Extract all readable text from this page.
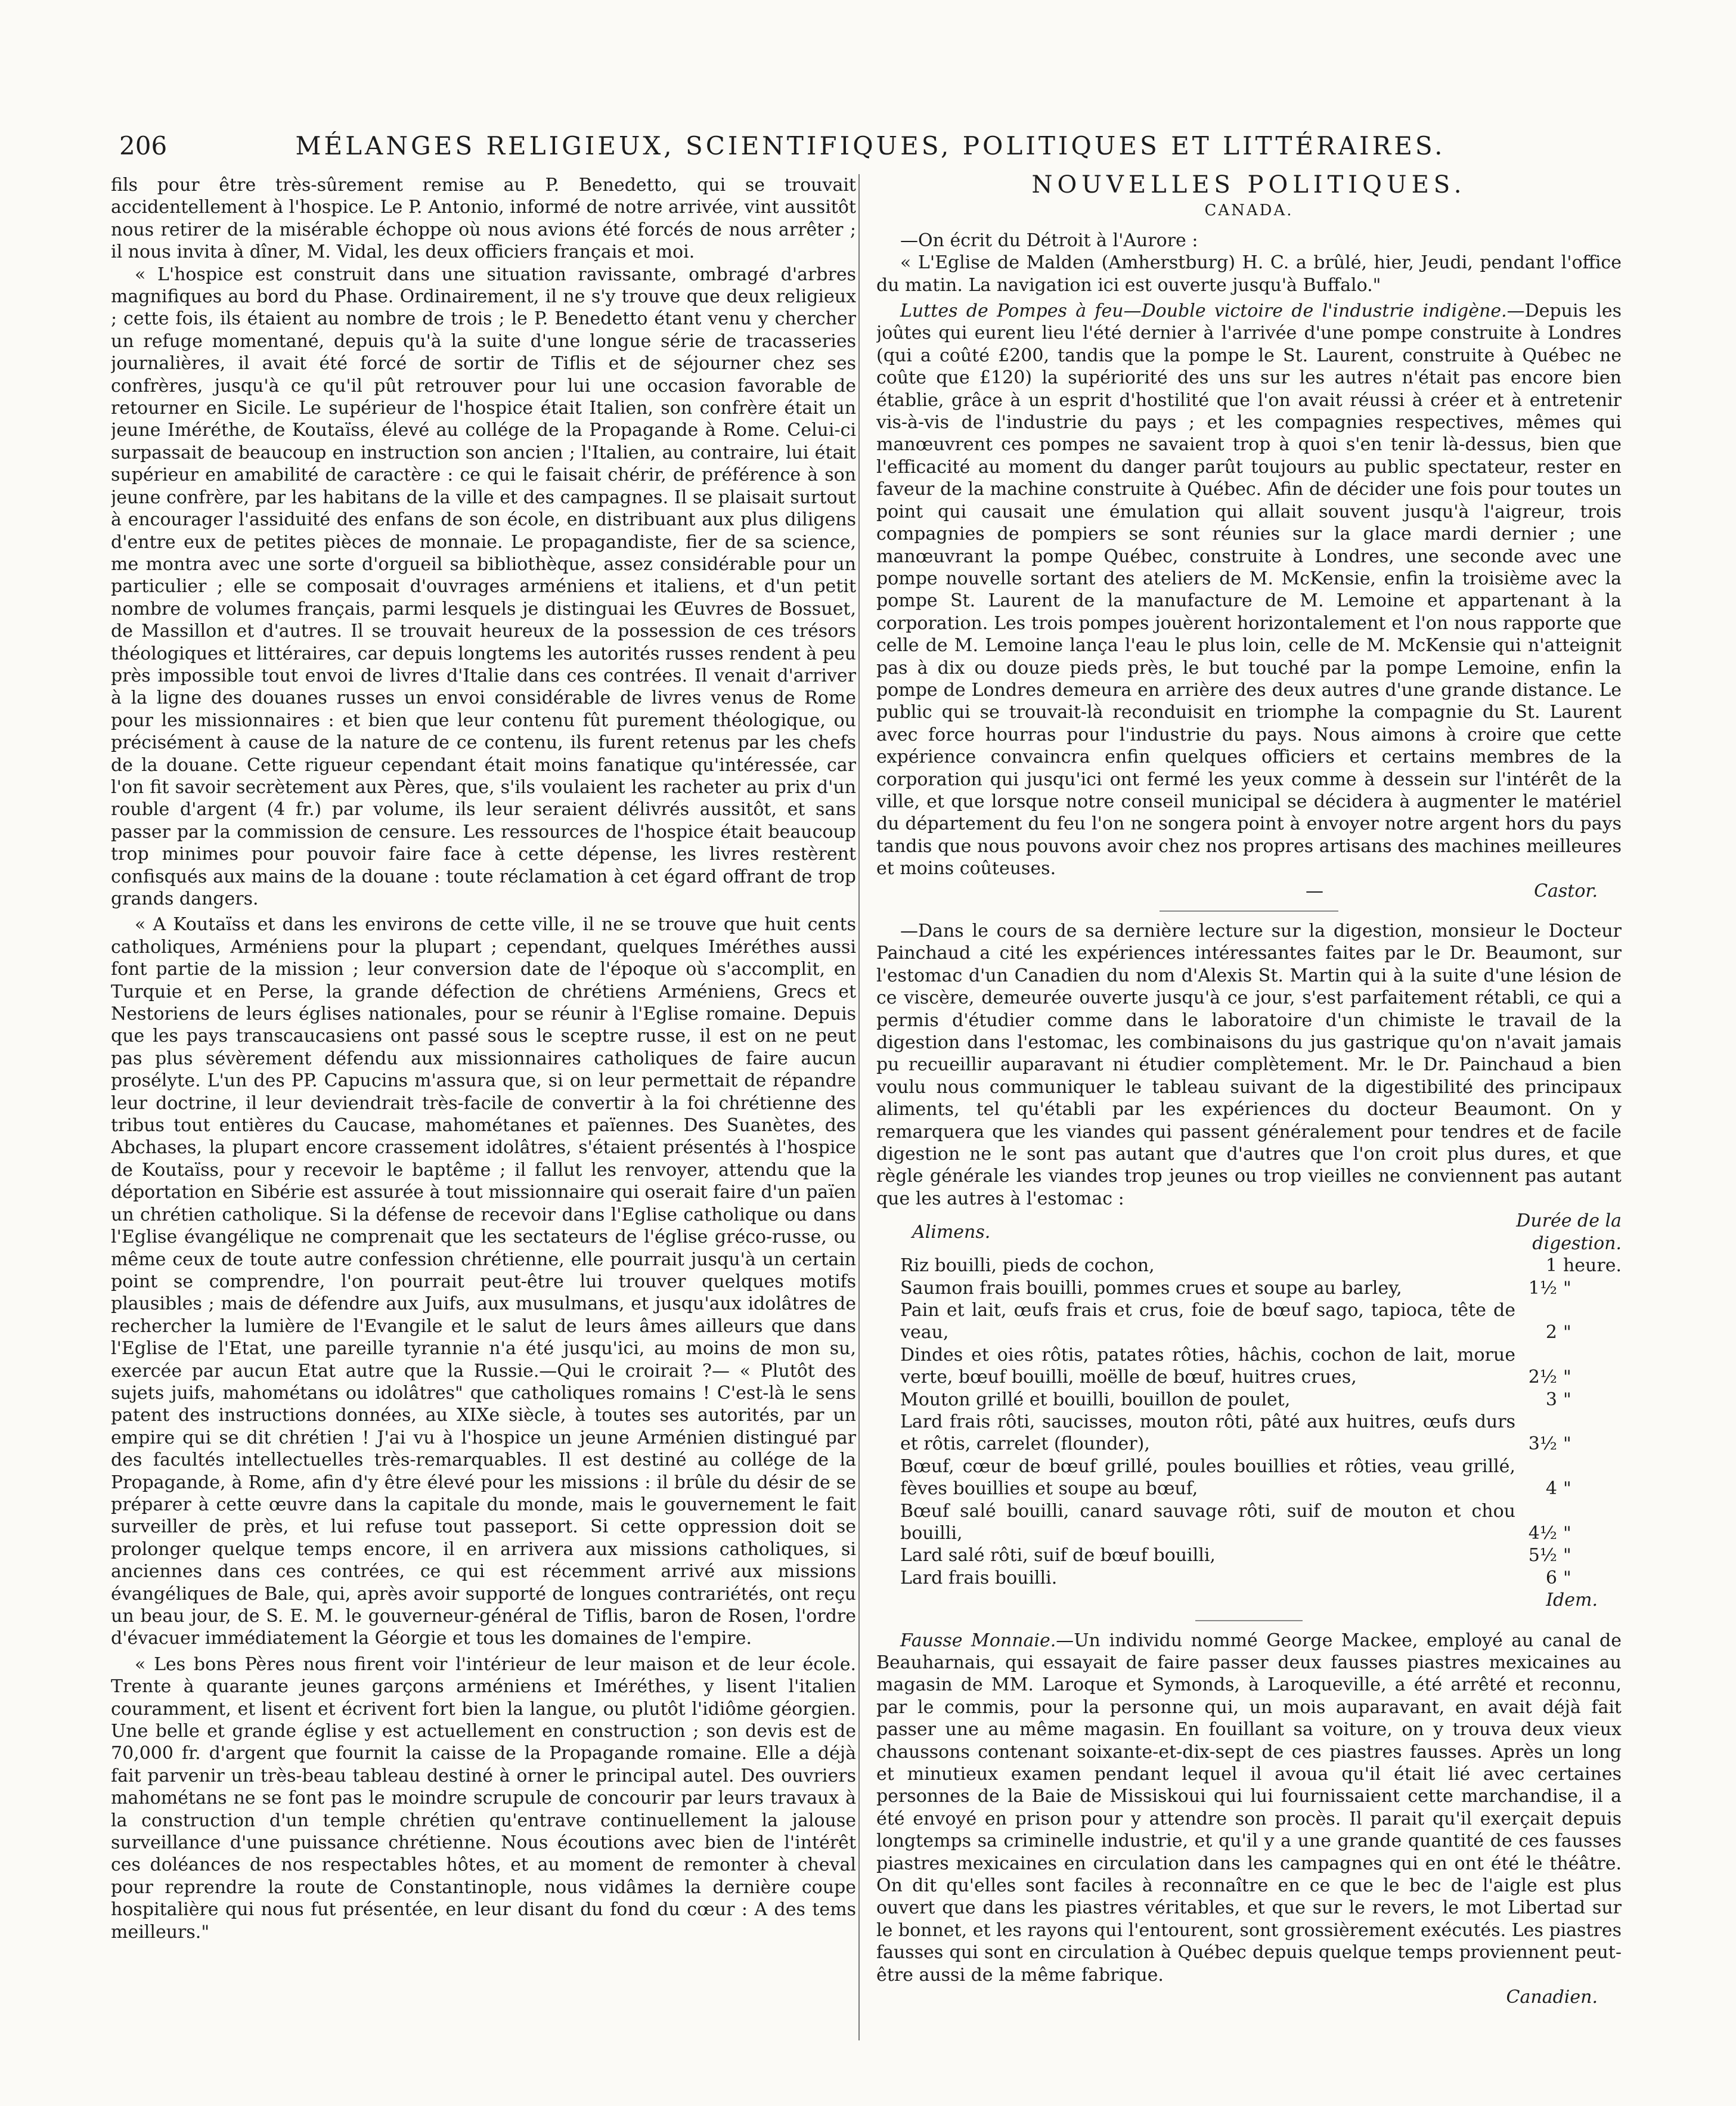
206	MÉLANGES RELIGIEUX, SCIENTIFIQUES, POLITIQUES ET LITTÉRAIRES.

fils pour être très-sûrement remise au P. Benedetto, qui se trouvait accidentellement à l'hospice. Le P. Antonio, informé de notre arrivée, vint aussitôt nous retirer de la misérable échoppe où nous avions été forcés de nous arrêter ; il nous invita à dîner, M. Vidal, les deux officiers français et moi.

« L'hospice est construit dans une situation ravissante, ombragé d'arbres magnifiques au bord du Phase. Ordinairement, il ne s'y trouve que deux religieux ; cette fois, ils étaient au nombre de trois ; le P. Benedetto étant venu y chercher un refuge momentané, depuis qu'à la suite d'une longue série de tracasseries journalières, il avait été forcé de sortir de Tiflis et de séjourner chez ses confrères, jusqu'à ce qu'il pût retrouver pour lui une occasion favorable de retourner en Sicile. Le supérieur de l'hospice était Italien, son confrère était un jeune Iméréthe, de Koutaïss, élevé au collége de la Propagande à Rome. Celui-ci surpassait de beaucoup en instruction son ancien ; l'Italien, au contraire, lui était supérieur en amabilité de caractère : ce qui le faisait chérir, de préférence à son jeune confrère, par les habitans de la ville et des campagnes. Il se plaisait surtout à encourager l'assiduité des enfans de son école, en distribuant aux plus diligens d'entre eux de petites pièces de monnaie. Le propagandiste, fier de sa science, me montra avec une sorte d'orgueil sa bibliothèque, assez considérable pour un particulier ; elle se composait d'ouvrages arméniens et italiens, et d'un petit nombre de volumes français, parmi lesquels je distinguai les Œuvres de Bossuet, de Massillon et d'autres. Il se trouvait heureux de la possession de ces trésors théologiques et littéraires, car depuis longtems les autorités russes rendent à peu près impossible tout envoi de livres d'Italie dans ces contrées. Il venait d'arriver à la ligne des douanes russes un envoi considérable de livres venus de Rome pour les missionnaires : et bien que leur contenu fût purement théologique, ou précisément à cause de la nature de ce contenu, ils furent retenus par les chefs de la douane. Cette rigueur cependant était moins fanatique qu'intéressée, car l'on fit savoir secrètement aux Pères, que, s'ils voulaient les racheter au prix d'un rouble d'argent (4 fr.) par volume, ils leur seraient délivrés aussitôt, et sans passer par la commission de censure. Les ressources de l'hospice était beaucoup trop minimes pour pouvoir faire face à cette dépense, les livres restèrent confisqués aux mains de la douane : toute réclamation à cet égard offrant de trop grands dangers.

« A Koutaïss et dans les environs de cette ville, il ne se trouve que huit cents catholiques, Arméniens pour la plupart ; cependant, quelques Iméréthes aussi font partie de la mission ; leur conversion date de l'époque où s'accomplit, en Turquie et en Perse, la grande défection de chrétiens Arméniens, Grecs et Nestoriens de leurs églises nationales, pour se réunir à l'Eglise romaine. Depuis que les pays transcaucasiens ont passé sous le sceptre russe, il est on ne peut pas plus sévèrement défendu aux missionnaires catholiques de faire aucun prosélyte. L'un des PP. Capucins m'assura que, si on leur permettait de répandre leur doctrine, il leur deviendrait très-facile de convertir à la foi chrétienne des tribus tout entières du Caucase, mahométanes et païennes. Des Suanètes, des Abchases, la plupart encore crassement idolâtres, s'étaient présentés à l'hospice de Koutaïss, pour y recevoir le baptême ; il fallut les renvoyer, attendu que la déportation en Sibérie est assurée à tout missionnaire qui oserait faire d'un païen un chrétien catholique. Si la défense de recevoir dans l'Eglise catholique ou dans l'Eglise évangélique ne comprenait que les sectateurs de l'église gréco-russe, ou même ceux de toute autre confession chrétienne, elle pourrait jusqu'à un certain point se comprendre, l'on pourrait peut-être lui trouver quelques motifs plausibles ; mais de défendre aux Juifs, aux musulmans, et jusqu'aux idolâtres de rechercher la lumière de l'Evangile et le salut de leurs âmes ailleurs que dans l'Eglise de l'Etat, une pareille tyrannie n'a été jusqu'ici, au moins de mon su, exercée par aucun Etat autre que la Russie.—Qui le croirait ?— « Plutôt des sujets juifs, mahométans ou idolâtres" que catholiques romains ! C'est-là le sens patent des instructions données, au XIXe siècle, à toutes ses autorités, par un empire qui se dit chrétien ! J'ai vu à l'hospice un jeune Arménien distingué par des facultés intellectuelles très-remarquables. Il est destiné au collége de la Propagande, à Rome, afin d'y être élevé pour les missions : il brûle du désir de se préparer à cette œuvre dans la capitale du monde, mais le gouvernement le fait surveiller de près, et lui refuse tout passeport. Si cette oppression doit se prolonger quelque temps encore, il en arrivera aux missions catholiques, si anciennes dans ces contrées, ce qui est récemment arrivé aux missions évangéliques de Bale, qui, après avoir supporté de longues contrariétés, ont reçu un beau jour, de S. E. M. le gouverneur-général de Tiflis, baron de Rosen, l'ordre d'évacuer immédiatement la Géorgie et tous les domaines de l'empire.

« Les bons Pères nous firent voir l'intérieur de leur maison et de leur école. Trente à quarante jeunes garçons arméniens et Iméréthes, y lisent l'italien couramment, et lisent et écrivent fort bien la langue, ou plutôt l'idiôme géorgien. Une belle et grande église y est actuellement en construction ; son devis est de 70,000 fr. d'argent que fournit la caisse de la Propagande romaine. Elle a déjà fait parvenir un très-beau tableau destiné à orner le principal autel. Des ouvriers mahométans ne se font pas le moindre scrupule de concourir par leurs travaux à la construction d'un temple chrétien qu'entrave continuellement la jalouse surveillance d'une puissance chrétienne. Nous écoutions avec bien de l'intérêt ces doléances de nos respectables hôtes, et au moment de remonter à cheval pour reprendre la route de Constantinople, nous vidâmes la dernière coupe hospitalière qui nous fut présentée, en leur disant du fond du cœur : A des tems meilleurs."

NOUVELLES POLITIQUES.
CANADA.

—On écrit du Détroit à l'Aurore :

« L'Eglise de Malden (Amherstburg) H. C. a brûlé, hier, Jeudi, pendant l'office du matin. La navigation ici est ouverte jusqu'à Buffalo."

Luttes de Pompes à feu—Double victoire de l'industrie indigène.—Depuis les joûtes qui eurent lieu l'été dernier à l'arrivée d'une pompe construite à Londres (qui a coûté £200, tandis que la pompe le St. Laurent, construite à Québec ne coûte que £120) la supériorité des uns sur les autres n'était pas encore bien établie, grâce à un esprit d'hostilité que l'on avait réussi à créer et à entretenir vis-à-vis de l'industrie du pays ; et les compagnies respectives, mêmes qui manœuvrent ces pompes ne savaient trop à quoi s'en tenir là-dessus, bien que l'efficacité au moment du danger parût toujours au public spectateur, rester en faveur de la machine construite à Québec. Afin de décider une fois pour toutes un point qui causait une émulation qui allait souvent jusqu'à l'aigreur, trois compagnies de pompiers se sont réunies sur la glace mardi dernier ; une manœuvrant la pompe Québec, construite à Londres, une seconde avec une pompe nouvelle sortant des ateliers de M. McKensie, enfin la troisième avec la pompe St. Laurent de la manufacture de M. Lemoine et appartenant à la corporation. Les trois pompes jouèrent horizontalement et l'on nous rapporte que celle de M. Lemoine lança l'eau le plus loin, celle de M. McKensie qui n'atteignit pas à dix ou douze pieds près, le but touché par la pompe Lemoine, enfin la pompe de Londres demeura en arrière des deux autres d'une grande distance. Le public qui se trouvait-là reconduisit en triomphe la compagnie du St. Laurent avec force hourras pour l'industrie du pays. Nous aimons à croire que cette expérience convaincra enfin quelques officiers et certains membres de la corporation qui jusqu'ici ont fermé les yeux comme à dessein sur l'intérêt de la ville, et que lorsque notre conseil municipal se décidera à augmenter le matériel du département du feu l'on ne songera point à envoyer notre argent hors du pays tandis que nous pouvons avoir chez nos propres artisans des machines meilleures et moins coûteuses.

—	Castor.

—Dans le cours de sa dernière lecture sur la digestion, monsieur le Docteur Painchaud a cité les expériences intéressantes faites par le Dr. Beaumont, sur l'estomac d'un Canadien du nom d'Alexis St. Martin qui à la suite d'une lésion de ce viscère, demeurée ouverte jusqu'à ce jour, s'est parfaitement rétabli, ce qui a permis d'étudier comme dans le laboratoire d'un chimiste le travail de la digestion dans l'estomac, les combinaisons du jus gastrique qu'on n'avait jamais pu recueillir auparavant ni étudier complètement. Mr. le Dr. Painchaud a bien voulu nous communiquer le tableau suivant de la digestibilité des principaux aliments, tel qu'établi par les expériences du docteur Beaumont. On y remarquera que les viandes qui passent généralement pour tendres et de facile digestion ne le sont pas autant que d'autres que l'on croit plus dures, et que règle générale les viandes trop jeunes ou trop vieilles ne conviennent pas autant que les autres à l'estomac :

Alimens.	Durée de la digestion.	
Riz bouilli, pieds de cochon,	1	heure.
Saumon frais bouilli, pommes crues et soupe au barley,	1½	"
Pain et lait, œufs frais et crus, foie de bœuf sago, tapioca, tête de veau,	2	"
Dindes et oies rôtis, patates rôties, hâchis, cochon de lait, morue verte, bœuf bouilli, moëlle de bœuf, huitres crues,	2½	"
Mouton grillé et bouilli, bouillon de poulet,	3	"
Lard frais rôti, saucisses, mouton rôti, pâté aux huitres, œufs durs et rôtis, carrelet (flounder),	3½	"
Bœuf, cœur de bœuf grillé, poules bouillies et rôties, veau grillé, fèves bouillies et soupe au bœuf,	4	"
Bœuf salé bouilli, canard sauvage rôti, suif de mouton et chou bouilli,	4½	"
Lard salé rôti, suif de bœuf bouilli,	5½	"
Lard frais bouilli.	6	"
Idem.

Fausse Monnaie.—Un individu nommé George Mackee, employé au canal de Beauharnais, qui essayait de faire passer deux fausses piastres mexicaines au magasin de MM. Laroque et Symonds, à Laroqueville, a été arrêté et reconnu, par le commis, pour la personne qui, un mois auparavant, en avait déjà fait passer une au même magasin. En fouillant sa voiture, on y trouva deux vieux chaussons contenant soixante-et-dix-sept de ces piastres fausses. Après un long et minutieux examen pendant lequel il avoua qu'il était lié avec certaines personnes de la Baie de Missiskoui qui lui fournissaient cette marchandise, il a été envoyé en prison pour y attendre son procès. Il parait qu'il exerçait depuis longtemps sa criminelle industrie, et qu'il y a une grande quantité de ces fausses piastres mexicaines en circulation dans les campagnes qui en ont été le théâtre. On dit qu'elles sont faciles à reconnaître en ce que le bec de l'aigle est plus ouvert que dans les piastres véritables, et que sur le revers, le mot Libertad sur le bonnet, et les rayons qui l'entourent, sont grossièrement exécutés. Les piastres fausses qui sont en circulation à Québec depuis quelque temps proviennent peut-être aussi de la même fabrique.

Canadien.
